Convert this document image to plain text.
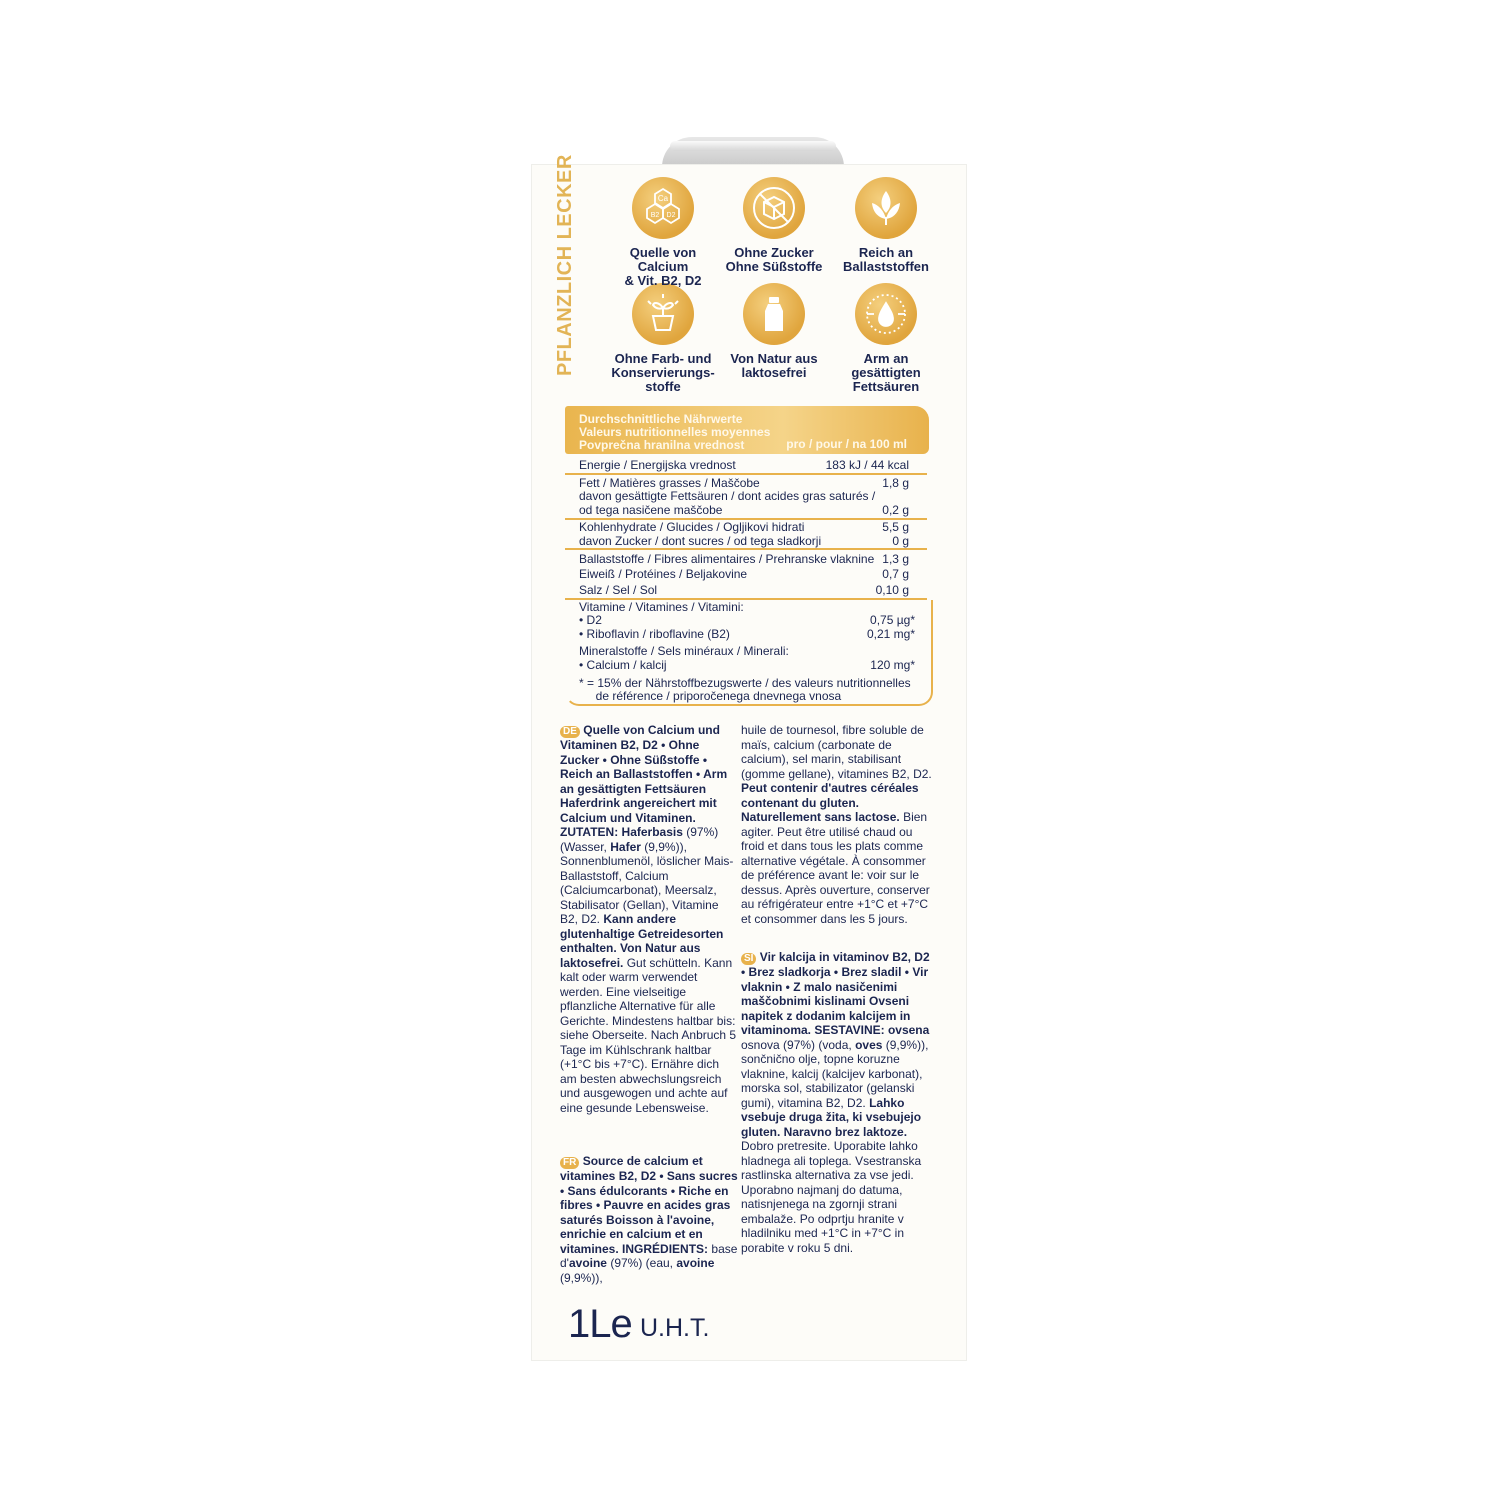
PFLANZLICH LECKER	Ca
B2 D2
Quelle von Calcium
& Vit. B2, D2
Ohne Zucker
Ohne Süßstoffe
Reich an
Ballaststoffen
Ohne Farb- und
Konservierungs-
stoffe
Von Natur aus
laktosefrei
Arm an
gesättigten
Fettsäuren
Durchschnittliche Nährwerte
Valeurs nutritionnelles moyennes
Povprečna hranilna vrednost	pro / pour / na 100 ml
Energie / Energijska vrednost	183 kJ / 44 kcal
Fett / Matières grasses / Maščobe	1,8 g
davon gesättigte Fettsäuren / dont acides gras saturés /
od tega nasičene maščobe	0,2 g
Kohlenhydrate / Glucides / Ogljikovi hidrati	5,5 g
davon Zucker / dont sucres / od tega sladkorji	0 g
Ballaststoffe / Fibres alimentaires / Prehranske vlaknine 1,3 g
Eiweiß / Protéines / Beljakovine	0,7 g
Salz / Sel / Sol	0,10 g
Vitamine / Vitamines / Vitamini:
• D2	0,75 µg*
• Riboflavin / riboflavine (B2)	0,21 mg*
Mineralstoffe / Sels minéraux / Minerali:
• Calcium / kalcij	120 mg*
* = 15% der Nährstoffbezugswerte / des valeurs nutritionnelles
de référence / priporočenega dnevnega vnosa
DE Quelle von Calcium und Vitaminen B2, D2 • Ohne Zucker • Ohne Süßstoffe • Reich an Ballaststoffen • Arm an gesättigten Fettsäuren Haferdrink angereichert mit Calcium und Vitaminen. ZUTATEN: Haferbasis (97%) (Wasser, Hafer (9,9%)), Sonnenblumenöl, löslicher Mais-Ballaststoff, Calcium (Calciumcarbonat), Meersalz, Stabilisator (Gellan), Vitamine B2, D2. Kann andere glutenhaltige Getreidesorten enthalten. Von Natur aus laktosefrei. Gut schütteln. Kann kalt oder warm verwendet werden. Eine vielseitige pflanzliche Alternative für alle Gerichte. Mindestens haltbar bis: siehe Oberseite. Nach Anbruch 5 Tage im Kühlschrank haltbar (+1°C bis +7°C). Ernähre dich am besten abwechslungsreich und ausgewogen und achte auf eine gesunde Lebensweise.
FR Source de calcium et vitamines B2, D2 • Sans sucres • Sans édulcorants • Riche en fibres • Pauvre en acides gras saturés Boisson à l'avoine, enrichie en calcium et en vitamines. INGRÉDIENTS: base d'avoine (97%) (eau, avoine (9,9%)),
huile de tournesol, fibre soluble de maïs, calcium (carbonate de calcium), sel marin, stabilisant (gomme gellane), vitamines B2, D2. Peut contenir d'autres céréales contenant du gluten. Naturellement sans lactose. Bien agiter. Peut être utilisé chaud ou froid et dans tous les plats comme alternative végétale. À consommer de préférence avant le: voir sur le dessus. Après ouverture, conserver au réfrigérateur entre +1°C et +7°C et consommer dans les 5 jours.
SI Vir kalcija in vitaminov B2, D2 • Brez sladkorja • Brez sladil • Vir vlaknin • Z malo nasičenimi maščobnimi kislinami Ovseni napitek z dodanim kalcijem in vitaminoma. SESTAVINE: ovsena osnova (97%) (voda, oves (9,9%)), sončnično olje, topne koruzne vlaknine, kalcij (kalcijev karbonat), morska sol, stabilizator (gelanski gumi), vitamina B2, D2. Lahko vsebuje druga žita, ki vsebujejo gluten. Naravno brez laktoze. Dobro pretresite. Uporabite lahko hladnega ali toplega. Vsestranska rastlinska alternativa za vse jedi. Uporabno najmanj do datuma, natisnjenega na zgornji strani embalaže. Po odprtju hranite v hladilniku med +1°C in +7°C in porabite v roku 5 dni.
1Le U.H.T.
